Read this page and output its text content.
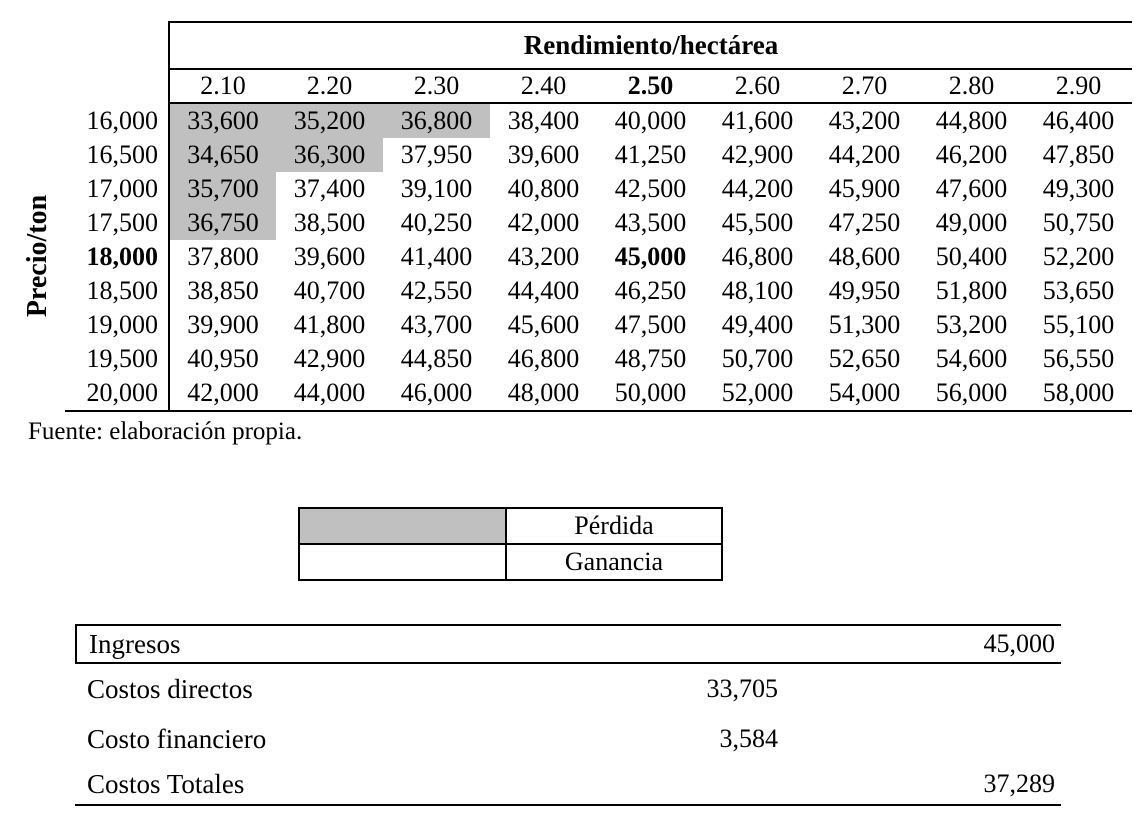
Precio/ton
	Rendimiento/hectárea								
	2.10	2.20	2.30	2.40	2.50	2.60	2.70	2.80	2.90
16,000	33,600	35,200	36,800	38,400	40,000	41,600	43,200	44,800	46,400
16,500	34,650	36,300	37,950	39,600	41,250	42,900	44,200	46,200	47,850
17,000	35,700	37,400	39,100	40,800	42,500	44,200	45,900	47,600	49,300
17,500	36,750	38,500	40,250	42,000	43,500	45,500	47,250	49,000	50,750
18,000	37,800	39,600	41,400	43,200	45,000	46,800	48,600	50,400	52,200
18,500	38,850	40,700	42,550	44,400	46,250	48,100	49,950	51,800	53,650
19,000	39,900	41,800	43,700	45,600	47,500	49,400	51,300	53,200	55,100
19,500	40,950	42,900	44,850	46,800	48,750	50,700	52,650	54,600	56,550
20,000	42,000	44,000	46,000	48,000	50,000	52,000	54,000	56,000	58,000
Fuente: elaboración propia.
	Pérdida
	Ganancia
Ingresos	45,000
Costos directos	33,705
Costo financiero	3,584
Costos Totales	37,289
